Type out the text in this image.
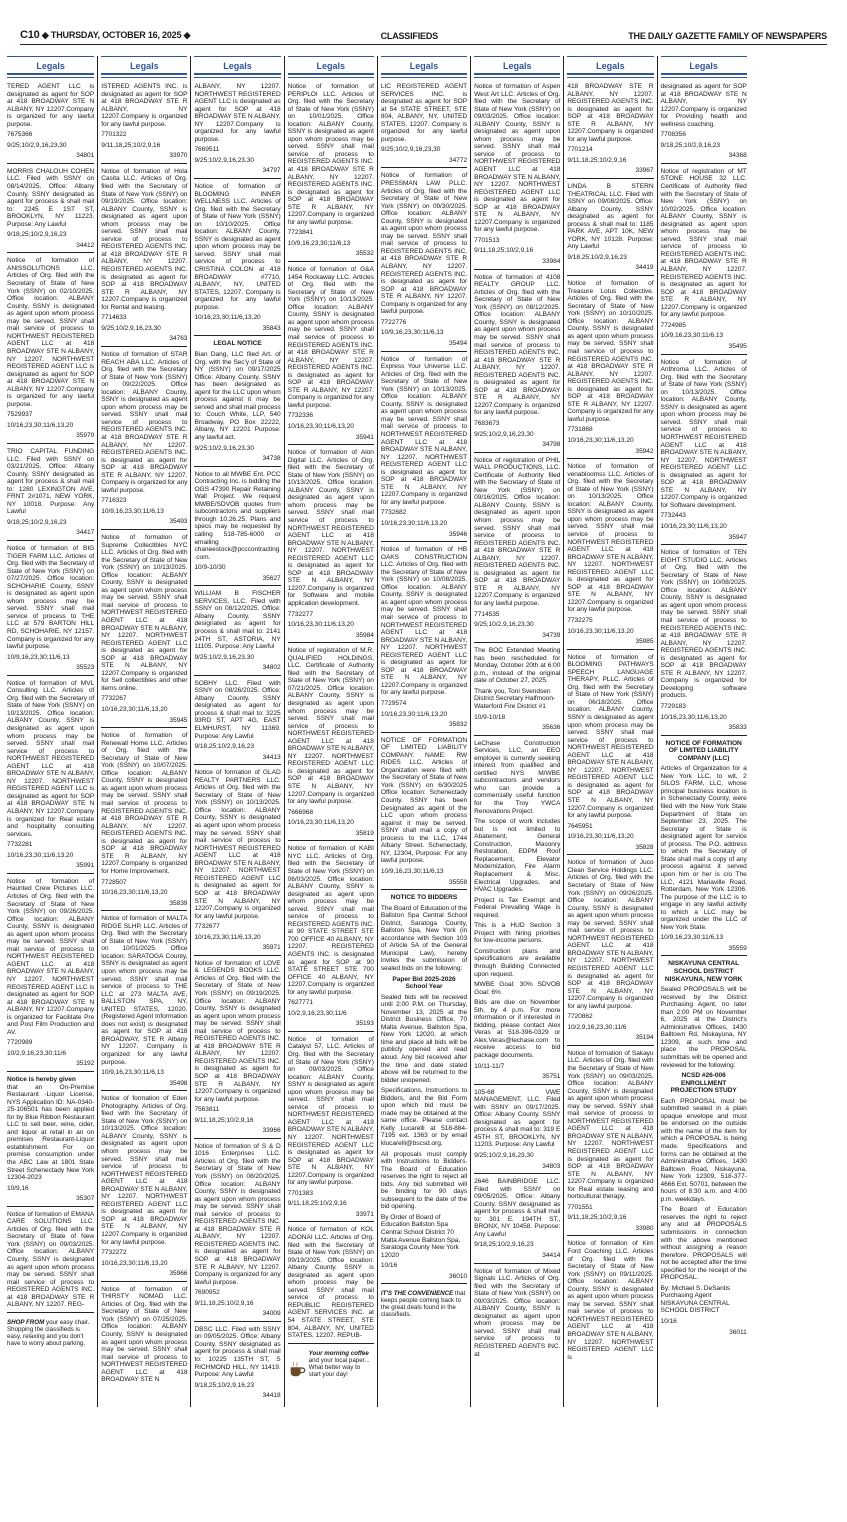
C10 ◆ THURSDAY, OCTOBER 16, 2025 ◆	CLASSIFIEDS	THE DAILY GAZETTE FAMILY OF NEWSPAPERS
Legals

TERED AGENT LLC is designated as agent for SOP at 418 BROADWAY STE N ALBANY, NY 12207.Company is organized for any lawful purpose.

7675366

9/25;10/2,9,16,23,30

34801

MORRIS CHALOUH COHEN LLC. Filed with SSNY on 08/14/2025. Office: Albany County. SSNY designated as agent for process & shall mail to: 2245 E 1ST ST, BROOKLYN, NY 11223. Purpose: Any Lawful

9/18,25;10/2,9,16,23

34412

Notice of formation of ANISSOLUTIONS LLC. Articles of Org. filed with the Secretary of State of New York (SSNY) on 02/10/2025. Office location: ALBANY County, SSNY is designated as agent upon whom process may be served. SSNY shall mail service of process to NORTHWEST REGISTERED AGENT LLC at 418 BROADWAY STE N ALBANY, NY 12207. NORTHWEST REGISTERED AGENT LLC is designated as agent for SOP at 418 BROADWAY STE N ALBANY, NY 12207.Company is organized for any lawful purpose.

7529937

10/16,23,30;11/6,13,20

35970

TRIO CAPITAL FUNDING LLC. Filed with SSNY on 03/21/2025. Office: Albany County. SSNY designated as agent for process & shall mail to: 1280 LEXINGTON AVE, FRNT 2#1071, NEW YORK, NY 10018. Purpose: Any Lawful

9/18,25;10/2,9,16,23

34417

Notice of formation of BIG TIGER FARM LLC. Articles of Org. filed with the Secretary of State of New York (SSNY) on 07/27/2025. Office location: SCHOHARIE County, SSNY is designated as agent upon whom process may be served. SSNY shall mail service of process to THE LLC at 579 BARTON HILL RD, SCHOHARIE, NY 12157. Company is organized for any lawful purpose.

10/9,16,23,30;11/6,13

35523

Notice of formation of MVL Consulting LLC. Articles of Org. filed with the Secretary of State of New York (SSNY) on 10/13/2025. Office location: ALBANY County, SSNY is designated as agent upon whom process may be served. SSNY shall mail service of process to NORTHWEST REGISTERED AGENT LLC at 418 BROADWAY STE N ALBANY, NY 12207. NORTHWEST REGISTERED AGENT LLC is designated as agent for SOP at 418 BROADWAY STE N ALBANY, NY 12207.Company is organized for Real estate and hospitality consulting services.

7732281

10/16,23,30;11/6,13,20

35991

Notice of formation of Haunted Crew Pictures LLC. Articles of Org. filed with the Secretary of State of New York (SSNY) on 09/26/2025. Office location: ALBANY County, SSNY is designated as agent upon whom process may be served. SSNY shall mail service of process to NORTHWEST REGISTERED AGENT LLC at 418 BROADWAY STE N ALBANY, NY 12207. NORTHWEST REGISTERED AGENT LLC is designated as agent for SOP at 418 BROADWAY STE N ALBANY, NY 12207.Company is organized for Facilitate Pre and Post Film Production and AV.

7720989

10/2,9,16,23,30;11/6

35192

Notice is hereby given

that an On-Premise Restaurant -Liquor License, NYS Application ID: NA-0340-25-106501 has been applied for by Blue Ribbon Restaurant LLC to sell beer, wine, cider, and liquor at retail in an on premises Restaurant-Liquor establishment. For on premise consumption under the ABC Law at 1801 State Street Schenectady New York 12304-2023

10/9,16

35307

Notice of formation of EMANA CARE SOLUTIONS LLC. Articles of Org. filed with the Secretary of State of New York (SSNY) on 09/03/2025. Office location: ALBANY County, SSNY is designated as agent upon whom process may be served. SSNY shall mail service of process to REGISTERED AGENTS INC. at 418 BROADWAY STE R ALBANY, NY 12207. REG-

SHOP FROM your easy chair. Shopping the classifieds is easy, relaxing and you don't have to worry about parking.
Legals

ISTERED AGENTS INC. is designated as agent for SOP at 418 BROADWAY STE R ALBANY, NY 12207.Company is organized for any lawful purpose.

7701322

9/11,18,25;10/2,9,16

33970

Notice of formation of Hola Casita LLC. Articles of Org. filed with the Secretary of State of New York (SSNY) on 09/19/2025. Office location: ALBANY County, SSNY is designated as agent upon whom process may be served. SSNY shall mail service of process to REGISTERED AGENTS INC. at 418 BROADWAY STE R ALBANY, NY 12207. REGISTERED AGENTS INC. is designated as agent for SOP at 418 BROADWAY STE R ALBANY, NY 12207.Company is organized for Rental and leasing.

7714633

9/25;10/2,9,16,23,30

34763

Notice of formation of STAR REACH ABA LLC. Articles of Org. filed with the Secretary of State of New York (SSNY) on 09/22/2025. Office location: ALBANY County, SSNY is designated as agent upon whom process may be served. SSNY shall mail service of process to REGISTERED AGENTS INC. at 418 BROADWAY STE R ALBANY, NY 12207. REGISTERED AGENTS INC. is designated as agent for SOP at 418 BROADWAY STE R ALBANY, NY 12207. Company is organized for any lawful purpose.

7716323

10/9,16,23,30;11/6,13

35493

Notice of formation of Supreme Collectibles NYC LLC. Articles of Org. filed with the Secretary of State of New York (SSNY) on 10/13/2025. Office location: ALBANY County, SSNY is designated as agent upon whom process may be served. SSNY shall mail service of process to NORTHWEST REGISTERED AGENT LLC at 418 BROADWAY STE N ALBANY, NY 12207. NORTHWEST REGISTERED AGENT LLC is designated as agent for SOP at 418 BROADWAY STE N ALBANY, NY 12207.Company is organized for Sell collectibles and other items online.

7732267

10/16,23,30;11/6,13,20

35945

Notice of formation of Renewall Home LLC. Articles of Org. filed with the Secretary of State of New York (SSNY) on 10/07/2025. Office location: ALBANY County, SSNY is designated as agent upon whom process may be served. SSNY shall mail service of process to REGISTERED AGENTS INC. at 418 BROADWAY STE R ALBANY, NY 12207. REGISTERED AGENTS INC. is designated as agent for SOP at 418 BROADWAY STE R ALBANY, NY 12207.Company is organized for Home Improvement.

7728507

10/16,23,30;11/6,13,20

35839

Notice of formation of MALTA RIDGE SLHP, LLC. Articles of Org. filed with the Secretary of State of New York (SSNY) on 10/01/2025. Office location: SARATOGA County, SSNY is designated as agent upon whom process may be served. SSNY shall mail service of process to THE LLC at 273 MALTA AVE, BALLSTON SPA, NY, UNITED STATES, 12020. (Registered Agent Information does not exist) is designated as agent for SOP at 418 BROADWAY, STE R Albany NY 12207. Company is organized for any lawful purpose.

10/9,16,23,30;11/6,13

35498

Notice of formation of Eden Photography. Articles of Org. filed with the Secretary of State of New York (SSNY) on 10/13/2025. Office location: ALBANY County, SSNY is designated as agent upon whom process may be served. SSNY shall mail service of process to NORTHWEST REGISTERED AGENT LLC at 418 BROADWAY STE N ALBANY, NY 12207. NORTHWEST REGISTERED AGENT LLC is designated as agent for SOP at 418 BROADWAY STE N ALBANY, NY 12207.Company is organized for any lawful purpose.

7732272

10/16,23,30;11/6,13,20

35966

Notice of formation of THIRSTY NOMAD LLC. Articles of Org. filed with the Secretary of State of New York (SSNY) on 07/25/2025. Office location: ALBANY County, SSNY is designated as agent upon whom process may be served. SSNY shall mail service of process to NORTHWEST REGISTERED AGENT LLC at 418 BROADWAY STE N

Legals

ALBANY, NY 12207. NORTHWEST REGISTERED AGENT LLC is designated as agent for SOP at 418 BROADWAY STE N ALBANY, NY 12207.Company is organized for any lawful purpose.

7669511

9/25;10/2,9,16,23,30

34797

Notice of formation of BLOOMING INNER WELLNESS LLC. Articles of Org. filed with the Secretary of State of New York (SSNY) on 10/10/2025. Office location: ALBANY County, SSNY is designated as agent upon whom process may be served. SSNY shall mail service of process to CRISTINA COLON at 418 BROADWAY #7710, ALBANY, NY, UNITED STATES, 12207. Company is organized for any lawful purpose.

10/16,23,30;11/6,13,20

35843

LEGAL NOTICE

Bian Dang, LLC filed Art. of Org. with the Sec'y of State of NY (SSNY) on 09/17/2025 Office: Albany County. SSNY has been designated as agent for the LLC upon whom process against it may be served and shall mail process to: Couch White, LLP, 540 Broadway, PO Box 22222, Albany, NY 12201 Purpose: any lawful act.

9/25;10/2,9,16,23,30

34738

Notice to all MWBE Ent. PCC Contracting Inc. is bidding the OGS 47390 Repair Retaining Wall Project. We request MWBE/SDVOB quotes from subcontractors and suppliers through 10.26.25. Plans and specs may be requested by calling 518-785-6000 or emailing chaneestock@pcccontracting.com.

10/9-10/30

35627

WILLIAM B FISCHER SERVICES, LLC. Filed with SSNY on 08/12/2025. Office: Albany County. SSNY designated as agent for process & shall mail to: 2141 24TH ST, ASTORIA, NY 11105. Purpose: Any Lawful

9/25;10/2,9,16,23,30

34802

SOBHY LLC. Filed with SSNY on 08/26/2025. Office: Albany County. SSNY designated as agent for process & shall mail to: 3225 93RD ST, APT 4G, EAST ELMHURST, NY 11369. Purpose: Any Lawful

9/18,25;10/2,9,16,23

34413

Notice of formation of GLAD REALTY PARTNERS LLC. Articles of Org. filed with the Secretary of State of New York (SSNY) on 10/13/2025. Office location: ALBANY County, SSNY is designated as agent upon whom process may be served. SSNY shall mail service of process to NORTHWEST REGISTERED AGENT LLC at 418 BROADWAY STE N ALBANY, NY 12207. NORTHWEST REGISTERED AGENT LLC is designated as agent for SOP at 418 BROADWAY STE N ALBANY, NY 12207.Company is organized for any lawful purpose.

7732677

10/16,23,30;11/6,13,20

35971

Notice of formation of LOVE & LEGENDS BOOKS LLC. Articles of Org. filed with the Secretary of State of New York (SSNY) on 09/19/2025. Office location: ALBANY County, SSNY is designated as agent upon whom process may be served. SSNY shall mail service of process to REGISTERED AGENTS INC. at 418 BROADWAY STE R ALBANY, NY 12207. REGISTERED AGENTS INC. is designated as agent for SOP at 418 BROADWAY STE R ALBANY, NY 12207.Company is organized for any lawful purpose.

7563811

9/11,18,25;10/2,9,16

33966

Notice of formation of S & D 1016 Enterprises LLC. Articles of Org. filed with the Secretary of State of New York (SSNY) on 08/20/2025. Office location: ALBANY County, SSNY is designated as agent upon whom process may be served. SSNY shall mail service of process to REGISTERED AGENTS INC. at 418 BROADWAY STE R ALBANY, NY 12207. REGISTERED AGENTS INC. is designated as agent for SOP at 418 BROADWAY STE R ALBANY, NY 12207. Company is organized for any lawful purpose.

7690952

9/11,18,25;10/2,9,16

34009

DBSC LLC. Filed with SSNY on 09/05/2025. Office: Albany County. SSNY designated as agent for process & shall mail to: 10225 135TH ST, S RICHMOND HILL, NY 11419. Purpose: Any Lawful

9/18,25;10/2,9,16,23

34418

Legals

Notice of formation of PERIPLOI LLC. Articles of Org. filed with the Secretary of State of New York (SSNY) on 10/01/2025. Office location: ALBANY County, SSNY is designated as agent upon whom process may be served. SSNY shall mail service of process to REGISTERED AGENTS INC. at 418 BROADWAY STE R ALBANY, NY 12207. REGISTERED AGENTS INC. is designated as agent for SOP at 418 BROADWAY STE R ALBANY, NY 12207.Company is organized for any lawful purpose.

7723841

10/9,16,23,30;11/6,13

35532

Notice of formation of G&A 1454 Rockaway LLC. Articles of Org. filed with the Secretary of State of New York (SSNY) on 10/13/2025. Office location: ALBANY County, SSNY is designated as agent upon whom process may be served. SSNY shall mail service of process to REGISTERED AGENTS INC. at 418 BROADWAY STE R ALBANY, NY 12207. REGISTERED AGENTS INC. is designated as agent for SOP at 418 BROADWAY STE R ALBANY, NY 12207. Company is organized for any lawful purpose.

7732336

10/16,23,30;11/6,13,20

35941

Notice of formation of Alon Digital LLC. Articles of Org. filed with the Secretary of State of New York (SSNY) on 10/13/2025. Office location: ALBANY County, SSNY is designated as agent upon whom process may be served. SSNY shall mail service of process to NORTHWEST REGISTERED AGENT LLC at 418 BROADWAY STE N ALBANY, NY 12207. NORTHWEST REGISTERED AGENT LLC is designated as agent for SOP at 418 BROADWAY STE N ALBANY, NY 12207.Company is organized for Software and mobile application development.

7732277

10/16,23,30;11/6,13,20

35984

Notice of registration of M.R. QUALIFIED HOLDINGS, LLC. Certificate of Authority filed with the Secretary of State of New York (SSNY) on 07/21/2025. Office location: ALBANY County, SSNY is designated as agent upon whom process may be served. SSNY shall mail service of process to NORTHWEST REGISTERED AGENT LLC at 418 BROADWAY STE N ALBANY, NY 12207. NORTHWEST REGISTERED AGENT LLC is designated as agent for SOP at 418 BROADWAY STE N ALBANY, NY 12207.Company is organized for any lawful purpose.

7666968

10/16,23,30;11/6,13,20

35819

Notice of formation of KABI NYC LLC. Articles of Org. filed with the Secretary of State of New York (SSNY) on 06/03/2025. Office location: ALBANY County, SSNY is designated as agent upon whom process may be served. SSNY shall mail service of process to REGISTERED AGENTS INC. at 90 STATE STREET STE 700 OFFICE 40 ALBANY, NY 12207. REGISTERED AGENTS INC. is designated as agent for SOP at 90 STATE STREET STE 700 OFFICE 40 ALBANY, NY 12207.Company is organized for any lawful purpose.

7627771

10/2,9,16,23,30;11/6

35193

Notice of formation of Catalyst 57, LLC. Articles of Org. filed with the Secretary of State of New York (SSNY) on 09/03/2025. Office location: ALBANY County, SSNY is designated as agent upon whom process may be served. SSNY shall mail service of process to NORTHWEST REGISTERED AGENT LLC at 418 BROADWAY STE N ALBANY, NY 12207. NORTHWEST REGISTERED AGENT LLC is designated as agent for SOP at 418 BROADWAY STE N ALBANY, NY 12207.Company is organized for any lawful purpose.

7701383

9/11,18,25;10/2,9,16

33971

Notice of formation of KOL ADONAI LLC. Articles of Org. filed with the Secretary of State of New York (SSNY) on 09/19/2025. Office location: Albany County. SSNY is designated as agent upon whom process may be served. SSNY shall mail service of process to REPUBLIC REGISTERED AGENT SERVICES INC. at 54 STATE STREET, STE 804, ALBANY, NY, UNITED STATES, 12207. REPUB-

Your morning coffee and your local paper... What better way to start your day!
Legals

LIC REGISTERED AGENT SERVICES INC. is designated as agent for SOP at 54 STATE STREET, STE 804, ALBANY, NY, UNITED STATES, 12207. Company is organized for any lawful purpose.

9/25;10/2,9,16,23,30

34772

Notice of formation of PRESSMAN LAW PLLC. Articles of Org. filed with the Secretary of State of New York (SSNY) on 09/30/2025. Office location: ALBANY County, SSNY is designated as agent upon whom process may be served. SSNY shall mail service of process to REGISTERED AGENTS INC. at 418 BROADWAY STE R ALBANY, NY 12207. REGISTERED AGENTS INC. is designated as agent for SOP at 418 BROADWAY STE R ALBANY, NY 12207. Company is organized for any lawful purpose.

7722776

10/9,16,23,30;11/6,13

35494

Notice of formation of Express Your Universe LLC. Articles of Org. filed with the Secretary of State of New York (SSNY) on 10/13/2025. Office location: ALBANY County, SSNY is designated as agent upon whom process may be served. SSNY shall mail service of process to NORTHWEST REGISTERED AGENT LLC at 418 BROADWAY STE N ALBANY, NY 12207. NORTHWEST REGISTERED AGENT LLC is designated as agent for SOP at 418 BROADWAY STE N ALBANY, NY 12207.Company is organized for any lawful purpose.

7732682

10/16,23,30;11/6,13,20

35946

Notice of formation of HB OAKS CONSTRUCTION LLC. Articles of Org. filed with the Secretary of State of New York (SSNY) on 10/08/2025. Office location: ALBANY County, SSNY is designated as agent upon whom process may be served. SSNY shall mail service of process to NORTHWEST REGISTERED AGENT LLC at 418 BROADWAY STE N ALBANY, NY 12207. NORTHWEST REGISTERED AGENT LLC is designated as agent for SOP at 418 BROADWAY STE N ALBANY, NY 12207.Company is organized for any lawful purpose.

7729574

10/16,23,30;11/6,13,20

35832

NOTICE OF FORMATION OF LIMITED LIABILITY COMPANY. NAME: RW RIDES LLC. Articles of Organization were filed with the Secretary of State of New York (SSNY) on 6/30/2025 Office location: Schenectady County. SSNY has been Designated as agent of the LLC upon whom process against it may be served. SSNY shall mail a copy of process to the LLC, 1744 Albany Street. Schenectady, NY, 12304, Purpose: For any lawful purpose.

10/9,16,23,30;11/6,13

35558

NOTICE TO BIDDERS

The Board of Education of the Ballston Spa Central School District, Saratoga County, Ballston Spa, New York (in accordance with Section 103 of Article 5A of the General Municipal Law), hereby invites the submission of sealed bids on the following:

Paper Bid 2025-2026 School Year

Sealed bids will be received until 2:00 P.M. on Thursday, November 13, 2025 at the District Business Office, 70 Malta Avenue, Ballston Spa, New York 12020, at which time and place all bids will be publicly opened and read aloud. Any bid received after the time and date stated above will be returned to the bidder unopened.

Specifications, Instructions to Bidders, and the Bid Form upon which bid must be made may be obtained at the same office. Please contact Kelly Lucarelli at 518-884-7195 ext. 1363 or by email klucarelli@bscsd.org.

All proposals must comply with Instructions to Bidders. The Board of Education reserves the right to reject all bids. Any bid submitted will be binding for 90 days subsequent to the date of the bid opening.

By Order of Board of Education Ballston Spa Central School District 70 Malta Avenue Ballston Spa, Saratoga County New York 12020

10/16

36010

IT'S THE CONVENIENCE that keeps people coming back to the great deals found in the classifieds.
Legals

Notice of formation of Aspen West Art LLC. Articles of Org. filed with the Secretary of State of New York (SSNY) on 09/03/2025. Office location: ALBANY County, SSNY is designated as agent upon whom process may be served. SSNY shall mail service of process to NORTHWEST REGISTERED AGENT LLC at 418 BROADWAY STE N ALBANY, NY 12207. NORTHWEST REGISTERED AGENT LLC is designated as agent for SOP at 418 BROADWAY STE N ALBANY, NY 12207.Company is organized for any lawful purpose.

7701513

9/11,18,25;10/2,9,16

33984

Notice of formation of 4108 REALTY GROUP LLC. Articles of Org. filed with the Secretary of State of New York (SSNY) on 08/12/2025. Office location: ALBANY County, SSNY is designated as agent upon whom process may be served. SSNY shall mail service of process to REGISTERED AGENTS INC. at 418 BROADWAY STE R ALBANY, NY 12207. REGISTERED AGENTS INC. is designated as agent for SOP at 418 BROADWAY STE R ALBANY, NY 12207.Company is organized for any lawful purpose.

7683673

9/25;10/2,9,16,23,30

34798

Notice of registration of PHIL WALL PRODUCTIONS, LLC. Certificate of Authority filed with the Secretary of State of New York (SSNY) on 09/16/2025. Office location: ALBANY County, SSNY is designated as agent upon whom process may be served. SSNY shall mail service of process to REGISTERED AGENTS INC. at 418 BROADWAY STE R ALBANY, NY 12207. REGISTERED AGENTS INC. is designated as agent for SOP at 418 BROADWAY STE R ALBANY, NY 12207.Company is organized for any lawful purpose.

7714535

9/25;10/2,9,16,23,30

34739

The BOC Extended Meeting has been rescheduled for Monday, October 20th at 6:00 p.m., instead of the original date of October 27, 2025.

Thank you, Toni Svendsen District Secretary Halfmoon-Waterford Fire District #1

10/9-10/18

35636

LeChase Construction Services, LLC, an EEO employer is currently seeking interest from qualified and certified NYS M/WBE subcontractors and vendors who can provide a commercially useful function for the Troy YWCA Renovations Project.

The scope of work includes but is not limited to Abatement, General Construction, Masonry Restoration, EDPM Roof Replacement, Elevator Modernization, Fire Alarm Replacement & Misc. Electrical Upgrades, and HVAC Upgrades.

Project is Tax Exempt and Federal Prevailing Wage is required.

This is a HUD Section 3 Project with hiring priorities for low-income persons.

Construction plans and specifications are available through Building Connected upon request.

MWBE Goal: 30% SDVOB Goal: 6%

Bids are due on November 5th, by 4 p.m. For more information or if interested in bidding, please contact Alex Veras at 518-396-0329 or Alex.Veras@lechase.com to receive access to bid package documents.

10/11-11/7

35751

105-68 VWE MANAGEMENT, LLC. Filed with SSNY on 09/17/2025. Office: Albany County. SSNY designated as agent for process & shall mail to: 319 E 45TH ST, BROOKLYN, NY 11203. Purpose: Any Lawful

9/25;10/2,9,16,23,30

34803

2646 BAINBRIDGE LLC. Filed with SSNY on 09/05/2025. Office: Albany County. SSNY designated as agent for process & shall mail to: 301 E. 194TH ST., BRONX, NY 10458. Purpose: Any Lawful

9/18,25;10/2,9,16,23

34414

Notice of formation of Mixed Signals LLC. Articles of Org. filed with the Secretary of State of New York (SSNY) on 09/03/2025. Office location: ALBANY County, SSNY is designated as agent upon whom process may be served. SSNY shall mail service of process to REGISTERED AGENTS INC. at

Legals

418 BROADWAY STE R ALBANY, NY 12207. REGISTERED AGENTS INC. is designated as agent for SOP at 418 BROADWAY STE R ALBANY, NY 12207.Company is organized for any lawful purpose.

7701214

9/11,18,25;10/2,9,16

33967

LINDA B STERN THEATRICAL LLC. Filed with SSNY on 09/08/2025. Office: Albany County. SSNY designated as agent for process & shall mail to: 1185 PARK AVE, APT 10K, NEW YORK, NY 10128. Purpose: Any Lawful

9/18,25;10/2,9,16,23

34419

Notice of formation of Treasure Lotus Collective. Articles of Org. filed with the Secretary of State of New York (SSNY) on 10/10/2025. Office location: ALBANY County, SSNY is designated as agent upon whom process may be served. SSNY shall mail service of process to REGISTERED AGENTS INC. at 418 BROADWAY STE R ALBANY, NY 12207. REGISTERED AGENTS INC. is designated as agent for SOP at 418 BROADWAY STE R ALBANY, NY 12207. Company is organized for any lawful purpose.

7731868

10/16,23,30;11/6,13,20

35942

Notice of formation of venabloomss LLC. Articles of Org. filed with the Secretary of State of New York (SSNY) on 10/13/2025. Office location: ALBANY County, SSNY is designated as agent upon whom process may be served. SSNY shall mail service of process to NORTHWEST REGISTERED AGENT LLC at 418 BROADWAY STE N ALBANY, NY 12207. NORTHWEST REGISTERED AGENT LLC is designated as agent for SOP at 418 BROADWAY STE N ALBANY, NY 12207.Company is organized for any lawful purpose.

7732275

10/16,23,30;11/6,13,20

35985

Notice of formation of BLOOMING PATHWAYS SPEECH LANGUAGE THERAPY, PLLC. Articles of Org. filed with the Secretary of State of New York (SSNY) on 06/18/2025. Office location: ALBANY County, SSNY is designated as agent upon whom process may be served. SSNY shall mail service of process to NORTHWEST REGISTERED AGENT LLC at 418 BROADWAY STE N ALBANY, NY 12207. NORTHWEST REGISTERED AGENT LLC is designated as agent for SOP at 418 BROADWAY STE N ALBANY, NY 12207.Company is organized for any lawful purpose.

7645951

10/16,23,30;11/6,13,20

35828

Notice of formation of Juco Clean Service Holdings LLC. Articles of Org. filed with the Secretary of State of New York (SSNY) on 09/26/2025. Office location: ALBANY County, SSNY is designated as agent upon whom process may be served. SSNY shall mail service of process to NORTHWEST REGISTERED AGENT LLC at 418 BROADWAY STE N ALBANY, NY 12207. NORTHWEST REGISTERED AGENT LLC is designated as agent for SOP at 418 BROADWAY STE N ALBANY, NY 12207.Company is organized for any lawful purpose.

7720862

10/2,9,16,23,30;11/6

35194

Notice of formation of Sakayu LLC. Articles of Org. filed with the Secretary of State of New York (SSNY) on 09/03/2025. Office location: ALBANY County, SSNY is designated as agent upon whom process may be served. SSNY shall mail service of process to NORTHWEST REGISTERED AGENT LLC at 418 BROADWAY STE N ALBANY, NY 12207. NORTHWEST REGISTERED AGENT LLC is designated as agent for SOP at 418 BROADWAY STE N ALBANY, NY 12207.Company is organized for Real estate leasing and horticultural therapy.

7701551

9/11,18,25;10/2,9,16

33980

Notice of formation of Kim Ford Coaching LLC. Articles of Org. filed with the Secretary of State of New York (SSNY) on 09/11/2025. Office location: ALBANY County, SSNY is designated as agent upon whom process may be served. SSNY shall mail service of process to NORTHWEST REGISTERED AGENT LLC at 418 BROADWAY STE N ALBANY, NY 12207. NORTHWEST REGISTERED AGENT LLC is

Legals

designated as agent for SOP at 418 BROADWAY STE N ALBANY, NY 12207.Company is organized for Providing health and wellness coaching.

7708356

9/18,25;10/2,9,16,23

34368

Notice of registration of MT STONE HOUSE 32 LLC. Certificate of Authority filed with the Secretary of State of New York (SSNY) on 10/02/2025. Office location: ALBANY County, SSNY is designated as agent upon whom process may be served. SSNY shall mail service of process to REGISTERED AGENTS INC. at 418 BROADWAY STE R ALBANY, NY 12207. REGISTERED AGENTS INC. is designated as agent for SOP at 418 BROADWAY STE R ALBANY, NY 12207.Company is organized for any lawful purpose.

7724985

10/9,16,23,30;11/6,13

35495

Notice of formation of Anthroma LLC. Articles of Org. filed with the Secretary of State of New York (SSNY) on 10/13/2025. Office location: ALBANY County, SSNY is designated as agent upon whom process may be served. SSNY shall mail service of process to NORTHWEST REGISTERED AGENT LLC at 418 BROADWAY STE N ALBANY, NY 12207. NORTHWEST REGISTERED AGENT LLC is designated as agent for SOP at 418 BROADWAY STE N ALBANY, NY 12207.Company is organized for Software development.

7732443

10/16,23,30;11/6,13,20

35947

Notice of formation of TEN EIGHT STUDIO LLC. Articles of Org. filed with the Secretary of State of New York (SSNY) on 10/08/2025. Office location: ALBANY County, SSNY is designated as agent upon whom process may be served. SSNY shall mail service of process to REGISTERED AGENTS INC. at 418 BROADWAY STE R ALBANY, NY 12207. REGISTERED AGENTS INC. is designated as agent for SOP at 418 BROADWAY STE R ALBANY, NY 12207. Company is organized for Developing software products.

7729183

10/16,23,30;11/6,13,20

35833

NOTICE OF FORMATION OF LIMITED LIABILITY COMPANY (LLC)

Articles of Organization for a New York LLC, to wit, 2 SILOS FARM, LLC, whose principal business location is in Schenectady County, were filed with the New York State Department of State on September 23, 2025. The Secretary of State is designated agent for service of process. The P.O. address to which the Secretary of State shall mail a copy of any process against it served upon him or her is c/o The LLC, 4121 Mariaville Road, Rotterdam, New York 12306. The purpose of the LLC is to engage in any lawful activity to which a LLC may be organized under the LLC of New York State.

10/9,16,23,30;11/6,13

35559

NISKAYUNA CENTRAL SCHOOL DISTRICT NISKAYUNA, NEW YORK

Sealed PROPOSALS will be received by the District Purchasing Agent, no later than 2:00 PM on November 6, 2025 at the District's Administrative Offices, 1430 Balltown Rd, Niskayuna, NY 12309, at such time and place the PROPOSAL submittals will be opened and reviewed for the following:

NCSD #26-006 ENROLLMENT PROJECTION STUDY

Each PROPOSAL must be submitted sealed in a plain opaque envelope and must be endorsed on the outside with the name of the item for which a PROPOSAL is being made. Specifications and forms can be obtained at the Administrative Offices, 1430 Balltown Road, Niskayuna, New York 12309, 518-377-4666 Ext. 50701, between the hours of 8:30 a.m. and 4:00 p.m. weekdays.

The Board of Education reserves the right to reject any and all PROPOSALS submissions in connection with the above mentioned without assigning a reason therefore. PROPOSALS will not be accepted after the time specified for the receipt of the PROPOSAL.

By: Michael S. DeSantis Purchasing Agent NISKAYUNA CENTRAL SCHOOL DISTRICT

10/16

36011
